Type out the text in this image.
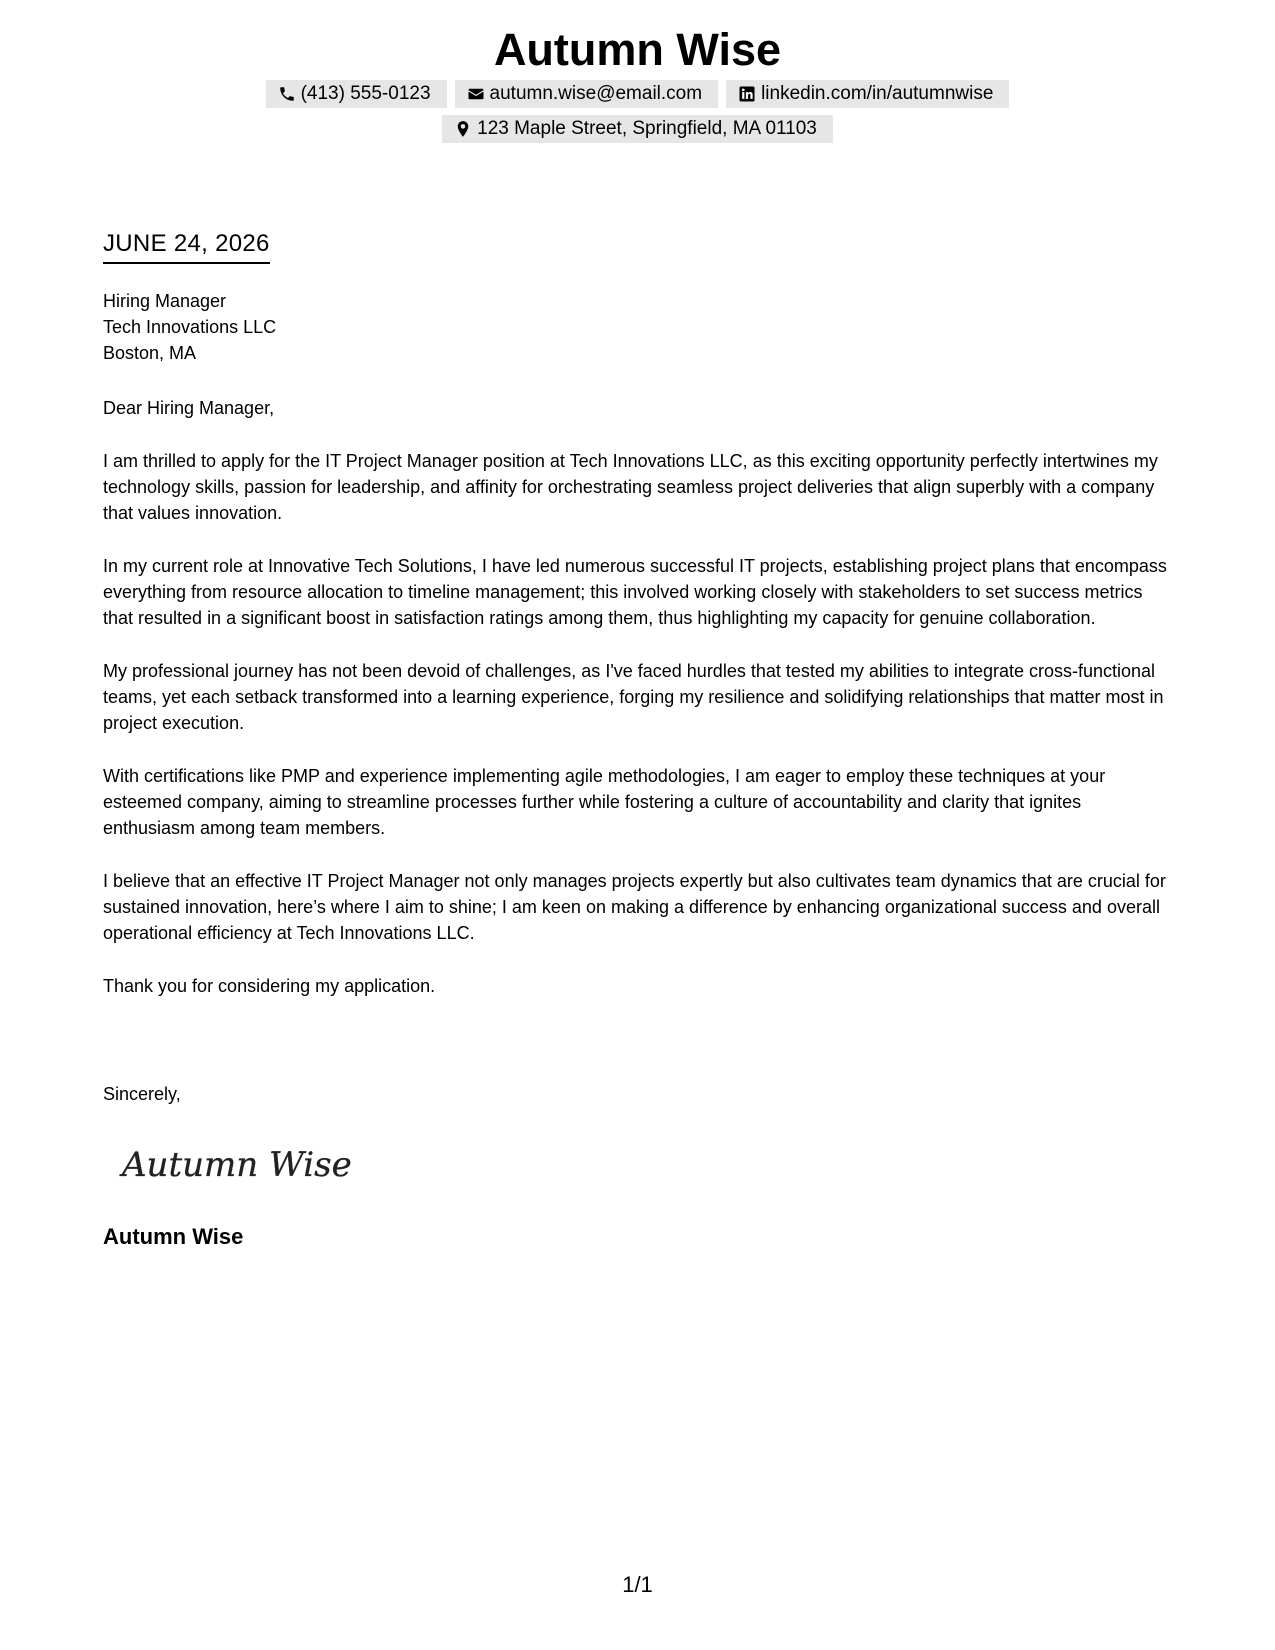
Autumn Wise
(413) 555-0123	autumn.wise@email.com	linkedin.com/in/autumnwise
123 Maple Street, Springfield, MA 01103
JUNE 24, 2026
Hiring Manager
Tech Innovations LLC
Boston, MA

Dear Hiring Manager,

I am thrilled to apply for the IT Project Manager position at Tech Innovations LLC, as this exciting opportunity perfectly intertwines my technology skills, passion for leadership, and affinity for orchestrating seamless project deliveries that align superbly with a company that values innovation.

In my current role at Innovative Tech Solutions, I have led numerous successful IT projects, establishing project plans that encompass everything from resource allocation to timeline management; this involved working closely with stakeholders to set success metrics that resulted in a significant boost in satisfaction ratings among them, thus highlighting my capacity for genuine collaboration.

My professional journey has not been devoid of challenges, as I've faced hurdles that tested my abilities to integrate cross-functional teams, yet each setback transformed into a learning experience, forging my resilience and solidifying relationships that matter most in project execution.

With certifications like PMP and experience implementing agile methodologies, I am eager to employ these techniques at your esteemed company, aiming to streamline processes further while fostering a culture of accountability and clarity that ignites enthusiasm among team members.

I believe that an effective IT Project Manager not only manages projects expertly but also cultivates team dynamics that are crucial for sustained innovation, here’s where I aim to shine; I am keen on making a difference by enhancing organizational success and overall operational efficiency at Tech Innovations LLC.

Thank you for considering my application.

Sincerely,
Autumn Wise
Autumn Wise
1/1
